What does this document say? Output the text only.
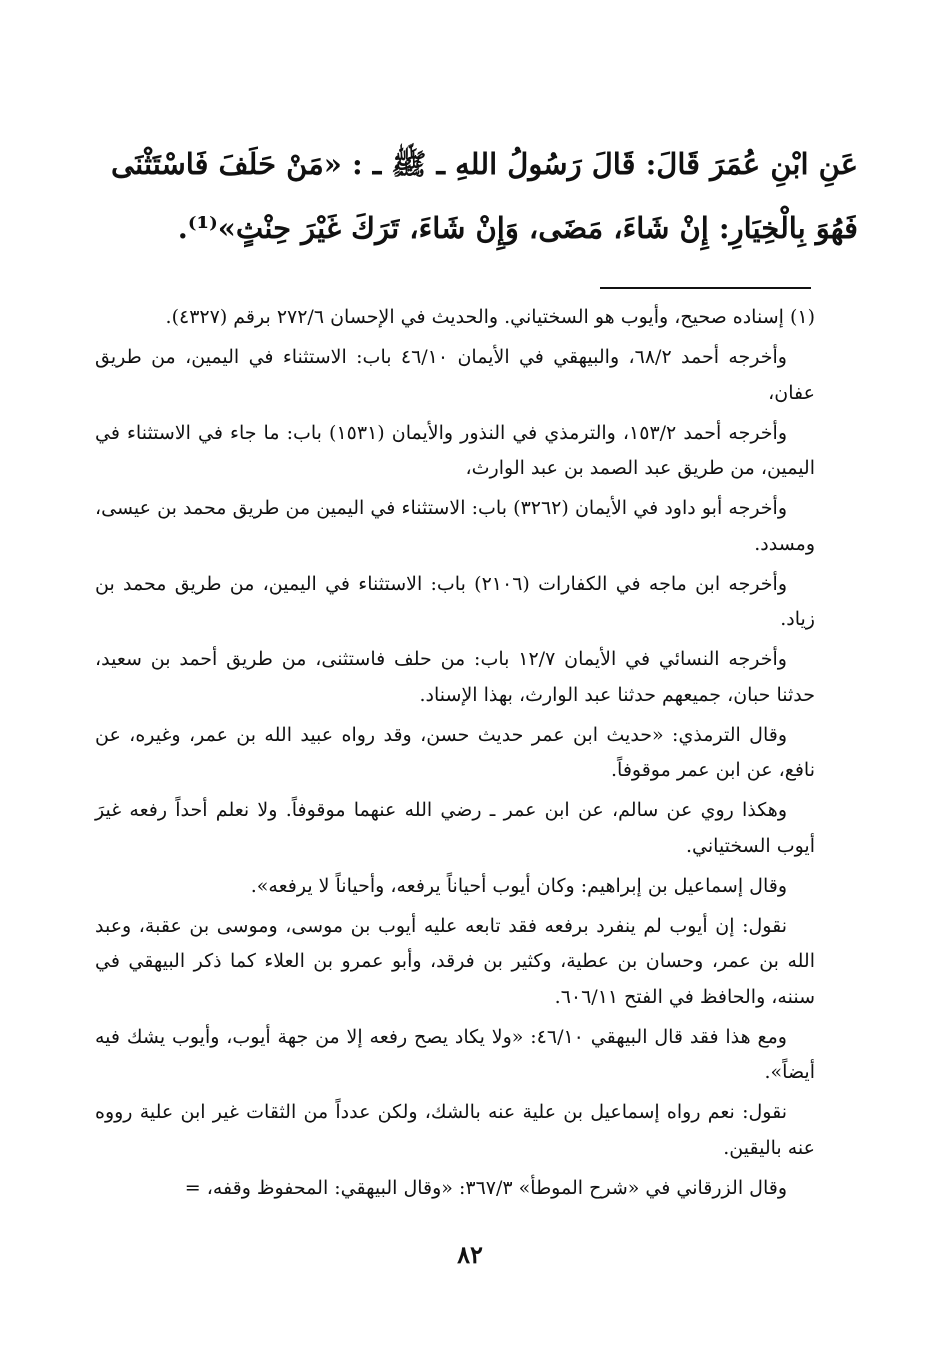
عَنِ ابْنِ عُمَرَ قَالَ: قَالَ رَسُولُ اللهِ ـ ﷺ ـ : «مَنْ حَلَفَ فَاسْتَثْنَى

فَهُوَ بِالْخِيَارِ: إِنْ شَاءَ، مَضَى، وَإِنْ شَاءَ، تَرَكَ غَيْرَ حِنْثٍ»⁽¹⁾.

(١) إسناده صحيح، وأيوب هو السختياني. والحديث في الإحسان ٢٧٢/٦ برقم (٤٣٢٧).

وأخرجه أحمد ٦٨/٢، والبيهقي في الأيمان ٤٦/١٠ باب: الاستثناء في اليمين، من طريق عفان،

وأخرجه أحمد ١٥٣/٢، والترمذي في النذور والأيمان (١٥٣١) باب: ما جاء في الاستثناء في اليمين، من طريق عبد الصمد بن عبد الوارث،

وأخرجه أبو داود في الأيمان (٣٢٦٢) باب: الاستثناء في اليمين من طريق محمد بن عيسى، ومسدد.

وأخرجه ابن ماجه في الكفارات (٢١٠٦) باب: الاستثناء في اليمين، من طريق محمد بن زياد.

وأخرجه النسائي في الأيمان ١٢/٧ باب: من حلف فاستثنى، من طريق أحمد بن سعيد، حدثنا حبان، جميعهم حدثنا عبد الوارث، بهذا الإسناد.

وقال الترمذي: «حديث ابن عمر حديث حسن، وقد رواه عبيد الله بن عمر، وغيره، عن نافع، عن ابن عمر موقوفاً.

وهكذا روي عن سالم، عن ابن عمر ـ رضي الله عنهما موقوفاً. ولا نعلم أحداً رفعه غيرَ أيوب السختياني.

وقال إسماعيل بن إبراهيم: وكان أيوب أحياناً يرفعه، وأحياناً لا يرفعه».

نقول: إن أيوب لم ينفرد برفعه فقد تابعه عليه أيوب بن موسى، وموسى بن عقبة، وعبد الله بن عمر، وحسان بن عطية، وكثير بن فرقد، وأبو عمرو بن العلاء كما ذكر البيهقي في سننه، والحافظ في الفتح ٦٠٦/١١.

ومع هذا فقد قال البيهقي ٤٦/١٠: «ولا يكاد يصح رفعه إلا من جهة أيوب، وأيوب يشك فيه أيضاً».

نقول: نعم رواه إسماعيل بن علية عنه بالشك، ولكن عدداً من الثقات غير ابن علية رووه عنه باليقين.

وقال الزرقاني في «شرح الموطأ» ٣٦٧/٣: «وقال البيهقي: المحفوظ وقفه، =

٨٢
